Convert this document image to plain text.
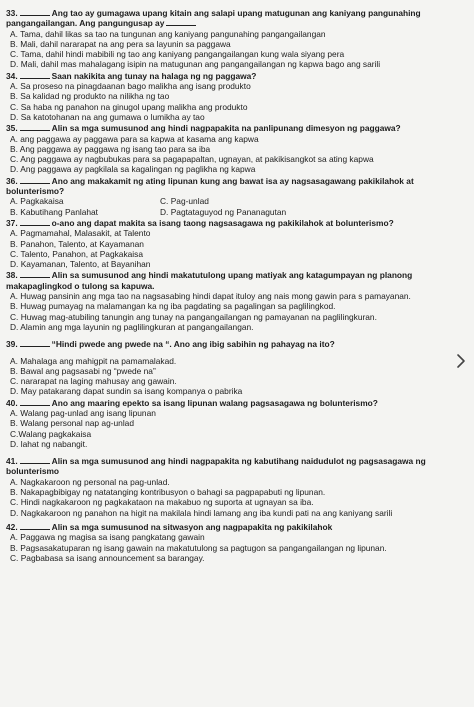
33.	Ang tao ay gumagawa upang kitain ang salapi upang matugunan ang kaniyang pangunahing pangangailangan. Ang pangungusap ay
A. Tama, dahil likas sa tao na tungunan ang kaniyang pangunahing pangangailangan
B. Mali, dahil nararapat na ang pera sa layunin sa paggawa
C. Tama, dahil hindi mabibili ng tao ang kaniyang pangangailangan kung wala siyang pera
D. Mali, dahil mas mahalagang isipin na matugunan ang pangangailangan ng kapwa bago ang sarili
34.	Saan nakikita ang tunay na halaga ng ng paggawa?
A. Sa proseso na pinagdaanan bago malikha ang isang produkto
B. Sa kalidad ng produkto na nilikha ng tao
C. Sa haba ng panahon na ginugol upang malikha ang produkto
D. Sa katotohanan na ang gumawa o lumikha ay tao
35.	Alin sa mga sumusunod ang hindi nagpapakita na panlipunang dimesyon ng paggawa?
A. ang paggawa ay paggawa para sa kapwa at kasama ang kapwa
B. Ang paggawa ay paggawa ng isang tao para sa iba
C. Ang paggawa ay nagbubukas para sa pagapapaltan, ugnayan, at pakikisangkot sa ating kapwa
D. Ang paggawa ay pagkilala sa kagalingan ng paglikha ng kapwa
36.	Ano ang makakamit ng ating lipunan kung ang bawat isa ay nagsasagawang pakikilahok at bolunterismo?
A. Pagkakaisa	C. Pag-unlad
B. Kabutihang Panlahat	D. Pagtataguyod ng Pananagutan
37.	o-ano ang dapat makita sa isang taong nagsasagawa ng pakikilahok at bolunterismo?
A. Pagmamahal, Malasakit, at Talento
B. Panahon, Talento, at Kayamanan
C. Talento, Panahon, at Pagkakaisa
D. Kayamanan, Talento, at Bayanihan
38.	Alin sa sumusunod ang hindi makatutulong upang matiyak ang katagumpayan ng planong makapaglingkod o tulong sa kapuwa.
A. Huwag pansinin ang mga tao na nagsasabing hindi dapat ituloy ang nais mong gawin para s pamayanan.
B. Huwag pumayag na malamangan ka ng iba pagdating sa pagalingan sa paglilingkod.
C. Huwag mag-atubiling tanungin ang tunay na pangangailangan ng pamayanan na paglilingkuran.
D. Alamin ang mga layunin ng paglilingkuran at pangangailangan.
39.	“Hindi pwede ang pwede na “. Ano ang ibig sabihin ng pahayag na ito?
A. Mahalaga ang mahigpit na pamamalakad.
B. Bawal ang pagsasabi ng “pwede na”
C. nararapat na laging mahusay ang gawain.
D. May patakarang dapat sundin sa isang kompanya o pabrika
40.	Ano ang maaring epekto sa isang lipunan walang pagsasagawa ng bolunterismo?
A. Walang pag-unlad ang isang lipunan
B. Walang personal nap ag-unlad
C.Walang pagkakaisa
D. lahat ng nabangit.
41.	Alin sa mga sumusunod ang hindi nagpapakita ng kabutihang naidudulot ng pagsasagawa ng bolunterismo
A. Nagkakaroon ng personal na pag-unlad.
B. Nakapagbibigay ng natatanging kontribusyon o bahagi sa pagpapabuti ng lipunan.
C. Hindi nagkakaroon ng pagkakataon na makabuo ng suporta at ugnayan sa iba.
D. Nagkakaroon ng panahon na higit na makilala hindi lamang ang iba kundi pati na ang kaniyang sarili
42.	Alin sa mga sumusunod na sitwasyon ang nagpapakita ng pakikilahok
A. Paggawa ng magisa sa isang pangkatang gawain
B. Pagsasakatuparan ng isang gawain na makatutulong sa pagtugon sa pangangailangan ng lipunan.
C. Pagbabasa sa isang announcement sa barangay.
